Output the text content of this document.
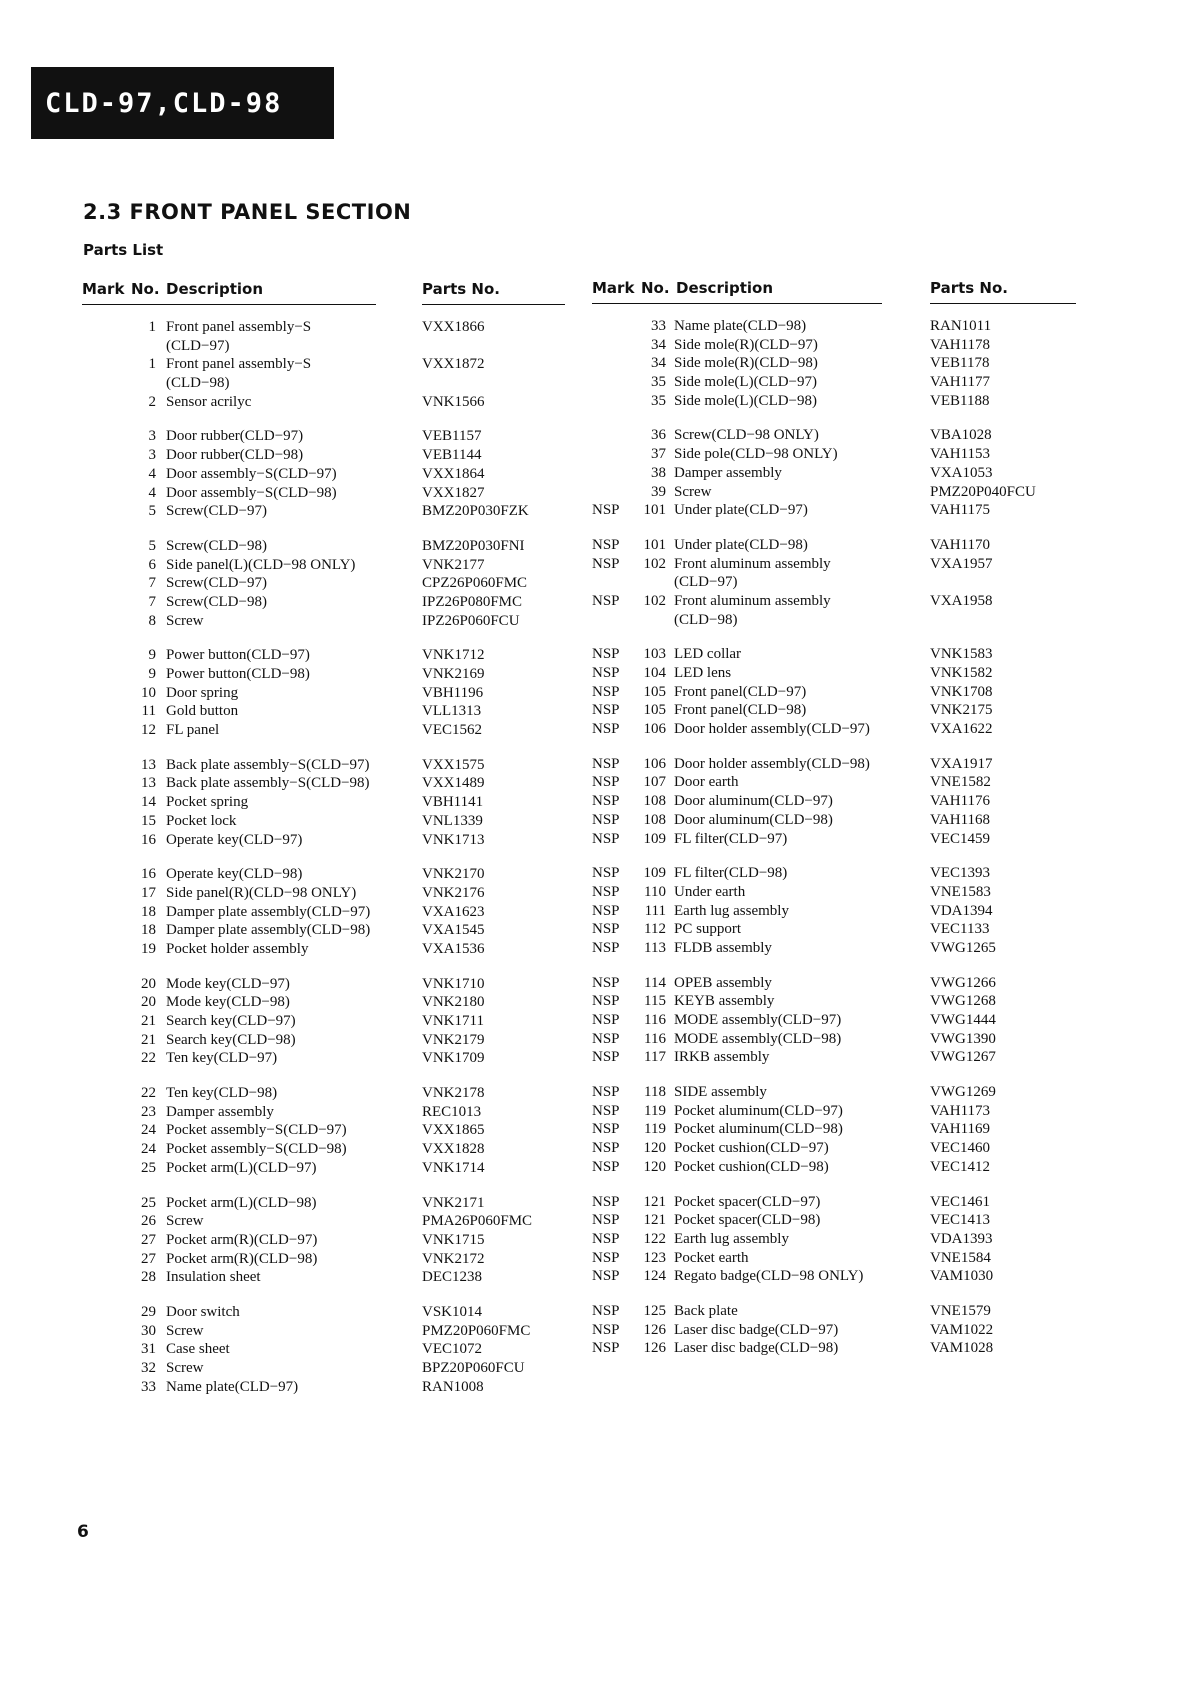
CLD-97,CLD-98
2.3 FRONT PANEL SECTION
Parts List
Mark No. Description	Parts No.
1 Front panel assembly−S	VXX1866
(CLD−97)
1 Front panel assembly−S	VXX1872
(CLD−98)
2 Sensor acrilyc	VNK1566
3 Door rubber(CLD−97)	VEB1157
3 Door rubber(CLD−98)	VEB1144
4 Door assembly−S(CLD−97)	VXX1864
4 Door assembly−S(CLD−98)	VXX1827
5 Screw(CLD−97)	BMZ20P030FZK
5 Screw(CLD−98)	BMZ20P030FNI
6 Side panel(L)(CLD−98 ONLY)	VNK2177
7 Screw(CLD−97)	CPZ26P060FMC
7 Screw(CLD−98)	IPZ26P080FMC
8 Screw	IPZ26P060FCU
9 Power button(CLD−97)	VNK1712
9 Power button(CLD−98)	VNK2169
10 Door spring	VBH1196
11 Gold button	VLL1313
12 FL panel	VEC1562
13 Back plate assembly−S(CLD−97)	VXX1575
13 Back plate assembly−S(CLD−98)	VXX1489
14 Pocket spring	VBH1141
15 Pocket lock	VNL1339
16 Operate key(CLD−97)	VNK1713
16 Operate key(CLD−98)	VNK2170
17 Side panel(R)(CLD−98 ONLY)	VNK2176
18 Damper plate assembly(CLD−97)	VXA1623
18 Damper plate assembly(CLD−98)	VXA1545
19 Pocket holder assembly	VXA1536
20 Mode key(CLD−97)	VNK1710
20 Mode key(CLD−98)	VNK2180
21 Search key(CLD−97)	VNK1711
21 Search key(CLD−98)	VNK2179
22 Ten key(CLD−97)	VNK1709
22 Ten key(CLD−98)	VNK2178
23 Damper assembly	REC1013
24 Pocket assembly−S(CLD−97)	VXX1865
24 Pocket assembly−S(CLD−98)	VXX1828
25 Pocket arm(L)(CLD−97)	VNK1714
25 Pocket arm(L)(CLD−98)	VNK2171
26 Screw	PMA26P060FMC
27 Pocket arm(R)(CLD−97)	VNK1715
27 Pocket arm(R)(CLD−98)	VNK2172
28 Insulation sheet	DEC1238
29 Door switch	VSK1014
30 Screw	PMZ20P060FMC
31 Case sheet	VEC1072
32 Screw	BPZ20P060FCU
33 Name plate(CLD−97)	RAN1008
Mark No. Description	Parts No.
33 Name plate(CLD−98)	RAN1011
34 Side mole(R)(CLD−97)	VAH1178
34 Side mole(R)(CLD−98)	VEB1178
35 Side mole(L)(CLD−97)	VAH1177
35 Side mole(L)(CLD−98)	VEB1188
36 Screw(CLD−98 ONLY)	VBA1028
37 Side pole(CLD−98 ONLY)	VAH1153
38 Damper assembly	VXA1053
39 Screw	PMZ20P040FCU
NSP	101 Under plate(CLD−97)	VAH1175
NSP	101 Under plate(CLD−98)	VAH1170
NSP	102 Front aluminum assembly	VXA1957
(CLD−97)
NSP	102 Front aluminum assembly	VXA1958
(CLD−98)
NSP	103 LED collar	VNK1583
NSP	104 LED lens	VNK1582
NSP	105 Front panel(CLD−97)	VNK1708
NSP	105 Front panel(CLD−98)	VNK2175
NSP	106 Door holder assembly(CLD−97)	VXA1622
NSP	106 Door holder assembly(CLD−98)	VXA1917
NSP	107 Door earth	VNE1582
NSP	108 Door aluminum(CLD−97)	VAH1176
NSP	108 Door aluminum(CLD−98)	VAH1168
NSP	109 FL filter(CLD−97)	VEC1459
NSP	109 FL filter(CLD−98)	VEC1393
NSP	110 Under earth	VNE1583
NSP	111 Earth lug assembly	VDA1394
NSP	112 PC support	VEC1133
NSP	113 FLDB assembly	VWG1265
NSP	114 OPEB assembly	VWG1266
NSP	115 KEYB assembly	VWG1268
NSP	116 MODE assembly(CLD−97)	VWG1444
NSP	116 MODE assembly(CLD−98)	VWG1390
NSP	117 IRKB assembly	VWG1267
NSP	118 SIDE assembly	VWG1269
NSP	119 Pocket aluminum(CLD−97)	VAH1173
NSP	119 Pocket aluminum(CLD−98)	VAH1169
NSP	120 Pocket cushion(CLD−97)	VEC1460
NSP	120 Pocket cushion(CLD−98)	VEC1412
NSP	121 Pocket spacer(CLD−97)	VEC1461
NSP	121 Pocket spacer(CLD−98)	VEC1413
NSP	122 Earth lug assembly	VDA1393
NSP	123 Pocket earth	VNE1584
NSP	124 Regato badge(CLD−98 ONLY)	VAM1030
NSP	125 Back plate	VNE1579
NSP	126 Laser disc badge(CLD−97)	VAM1022
NSP	126 Laser disc badge(CLD−98)	VAM1028
6
